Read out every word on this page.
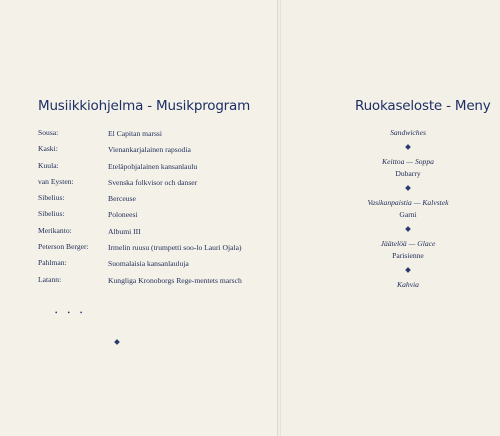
Musiikkiohjelma - Musikprogram
Sousa:	El Capitan marssi
Kaski:	Vienankarjalainen rapsodia
Kuula:	Eteläpohjalainen kansanlaulu
van Eysten:	Svenska folkvisor och danser
Sibelius:	Berceuse
Sibelius:	Poloneesi
Merikanto:	Albumi III
Peterson Berger:	Irmelin ruusu (trumpetti soo-lo Lauri Ojala)
Pahlman:	Suomalaisia kansanlauluja
Latann:	Kungliga Kronoborgs Rege-mentets marsch
•••
Ruokaseloste - Meny
Sandwiches
Keittoa — Soppa
Dubarry
Vasikanpaistia — Kalvstek
Garni
Jäätelöä — Glace
Parisienne
Kahvia
